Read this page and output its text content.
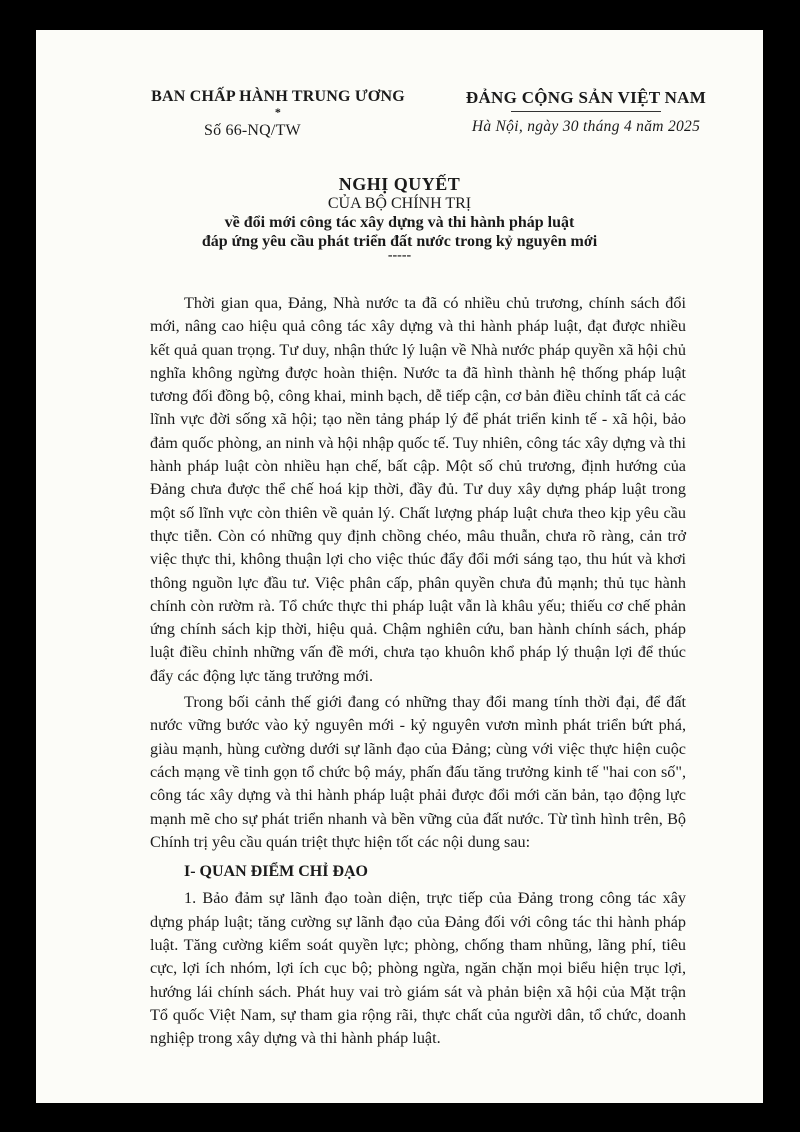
BAN CHẤP HÀNH TRUNG ƯƠNG
*
Số 66-NQ/TW
ĐẢNG CỘNG SẢN VIỆT NAM
Hà Nội, ngày 30 tháng 4 năm 2025
NGHỊ QUYẾT
CỦA BỘ CHÍNH TRỊ
về đổi mới công tác xây dựng và thi hành pháp luật
đáp ứng yêu cầu phát triển đất nước trong kỷ nguyên mới
-----

Thời gian qua, Đảng, Nhà nước ta đã có nhiều chủ trương, chính sách đổi mới, nâng cao hiệu quả công tác xây dựng và thi hành pháp luật, đạt được nhiều kết quả quan trọng. Tư duy, nhận thức lý luận về Nhà nước pháp quyền xã hội chủ nghĩa không ngừng được hoàn thiện. Nước ta đã hình thành hệ thống pháp luật tương đối đồng bộ, công khai, minh bạch, dễ tiếp cận, cơ bản điều chỉnh tất cả các lĩnh vực đời sống xã hội; tạo nền tảng pháp lý để phát triển kinh tế - xã hội, bảo đảm quốc phòng, an ninh và hội nhập quốc tế. Tuy nhiên, công tác xây dựng và thi hành pháp luật còn nhiều hạn chế, bất cập. Một số chủ trương, định hướng của Đảng chưa được thể chế hoá kịp thời, đầy đủ. Tư duy xây dựng pháp luật trong một số lĩnh vực còn thiên về quản lý. Chất lượng pháp luật chưa theo kịp yêu cầu thực tiễn. Còn có những quy định chồng chéo, mâu thuẫn, chưa rõ ràng, cản trở việc thực thi, không thuận lợi cho việc thúc đẩy đổi mới sáng tạo, thu hút và khơi thông nguồn lực đầu tư. Việc phân cấp, phân quyền chưa đủ mạnh; thủ tục hành chính còn rườm rà. Tổ chức thực thi pháp luật vẫn là khâu yếu; thiếu cơ chế phản ứng chính sách kịp thời, hiệu quả. Chậm nghiên cứu, ban hành chính sách, pháp luật điều chỉnh những vấn đề mới, chưa tạo khuôn khổ pháp lý thuận lợi để thúc đẩy các động lực tăng trưởng mới.

Trong bối cảnh thế giới đang có những thay đổi mang tính thời đại, để đất nước vững bước vào kỷ nguyên mới - kỷ nguyên vươn mình phát triển bứt phá, giàu mạnh, hùng cường dưới sự lãnh đạo của Đảng; cùng với việc thực hiện cuộc cách mạng về tinh gọn tổ chức bộ máy, phấn đấu tăng trưởng kinh tế "hai con số", công tác xây dựng và thi hành pháp luật phải được đổi mới căn bản, tạo động lực mạnh mẽ cho sự phát triển nhanh và bền vững của đất nước. Từ tình hình trên, Bộ Chính trị yêu cầu quán triệt thực hiện tốt các nội dung sau:

I- QUAN ĐIỂM CHỈ ĐẠO

1. Bảo đảm sự lãnh đạo toàn diện, trực tiếp của Đảng trong công tác xây dựng pháp luật; tăng cường sự lãnh đạo của Đảng đối với công tác thi hành pháp luật. Tăng cường kiểm soát quyền lực; phòng, chống tham nhũng, lãng phí, tiêu cực, lợi ích nhóm, lợi ích cục bộ; phòng ngừa, ngăn chặn mọi biểu hiện trục lợi, hướng lái chính sách. Phát huy vai trò giám sát và phản biện xã hội của Mặt trận Tổ quốc Việt Nam, sự tham gia rộng rãi, thực chất của người dân, tổ chức, doanh nghiệp trong xây dựng và thi hành pháp luật.
